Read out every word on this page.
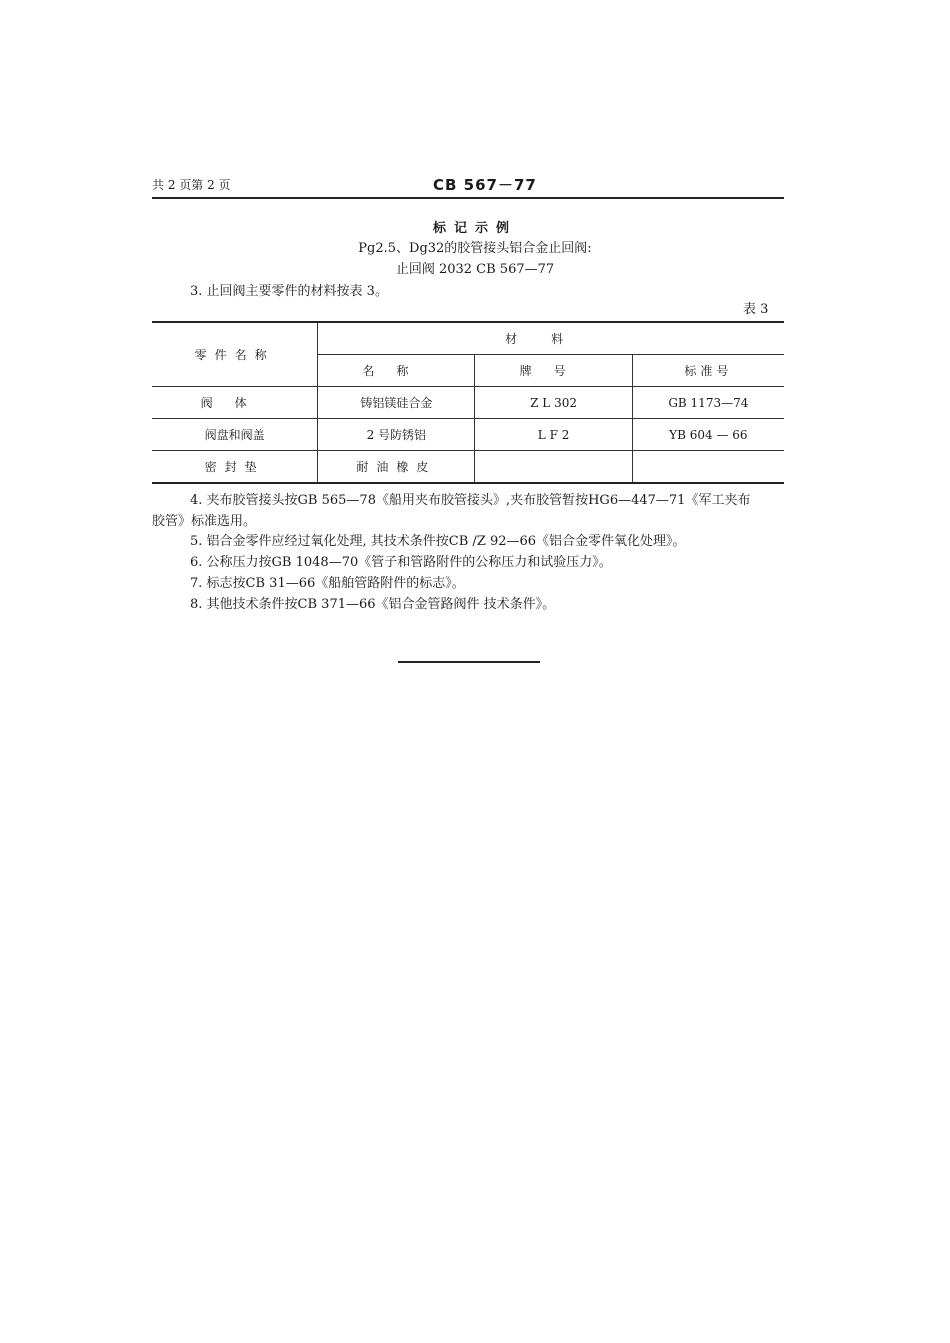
共 2 页第 2 页	CB 567－77
标记示例
Pg2.5、Dg32的胶管接头铝合金止回阀:
止回阀 2032 CB 567—77
3. 止回阀主要零件的材料按表 3。
表 3
零件名称	材料		
	名称	牌号	标准号
阀体	铸铝镁硅合金	Z L 302	GB 1173—74
阀盘和阀盖	2 号防锈铝	L F 2	YB 604 — 66
密封垫	耐油橡皮		
4. 夹布胶管接头按GB 565—78《船用夹布胶管接头》,夹布胶管暂按HG6—447—71《军工夹布
胶管》标准选用。
5. 铝合金零件应经过氧化处理, 其技术条件按CB /Z 92—66《铝合金零件氧化处理》。
6. 公称压力按GB 1048—70《管子和管路附件的公称压力和试验压力》。
7. 标志按CB 31—66《船舶管路附件的标志》。
8. 其他技术条件按CB 371—66《铝合金管路阀件 技术条件》。
